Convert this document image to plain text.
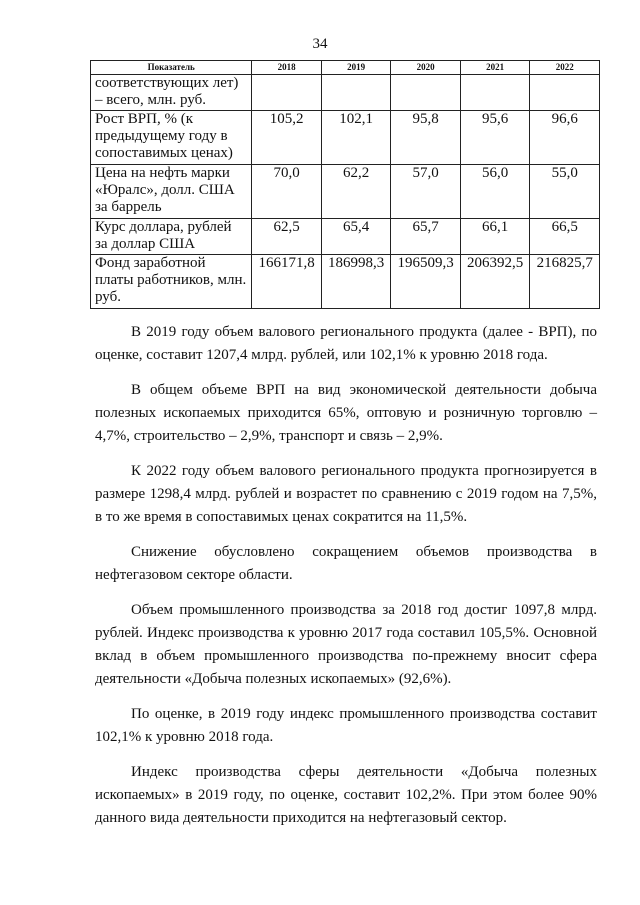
34
Показатель	2018	2019	2020	2021	2022
соответствующих лет) – всего, млн. руб.					
Рост ВРП, % (к предыдущему году в сопоставимых ценах)	105,2	102,1	95,8	95,6	96,6
Цена на нефть марки «Юралс», долл. США за баррель	70,0	62,2	57,0	56,0	55,0
Курс доллара, рублей за доллар США	62,5	65,4	65,7	66,1	66,5
Фонд заработной платы работников, млн. руб.	166171,8	186998,3	196509,3	206392,5	216825,7

В 2019 году объем валового регионального продукта (далее - ВРП), по оценке, составит 1207,4 млрд. рублей, или 102,1% к уровню 2018 года.

В общем объеме ВРП на вид экономической деятельности добыча полезных ископаемых приходится 65%, оптовую и розничную торговлю – 4,7%, строительство – 2,9%, транспорт и связь – 2,9%.

К 2022 году объем валового регионального продукта прогнозируется в размере 1298,4 млрд. рублей и возрастет по сравнению с 2019 годом на 7,5%, в то же время в сопоставимых ценах сократится на 11,5%.

Снижение обусловлено сокращением объемов производства в нефтегазовом секторе области.

Объем промышленного производства за 2018 год достиг 1097,8 млрд. рублей. Индекс производства к уровню 2017 года составил 105,5%. Основной вклад в объем промышленного производства по-прежнему вносит сфера деятельности «Добыча полезных ископаемых» (92,6%).

По оценке, в 2019 году индекс промышленного производства составит 102,1% к уровню 2018 года.

Индекс производства сферы деятельности «Добыча полезных ископаемых» в 2019 году, по оценке, составит 102,2%. При этом более 90% данного вида деятельности приходится на нефтегазовый сектор.
